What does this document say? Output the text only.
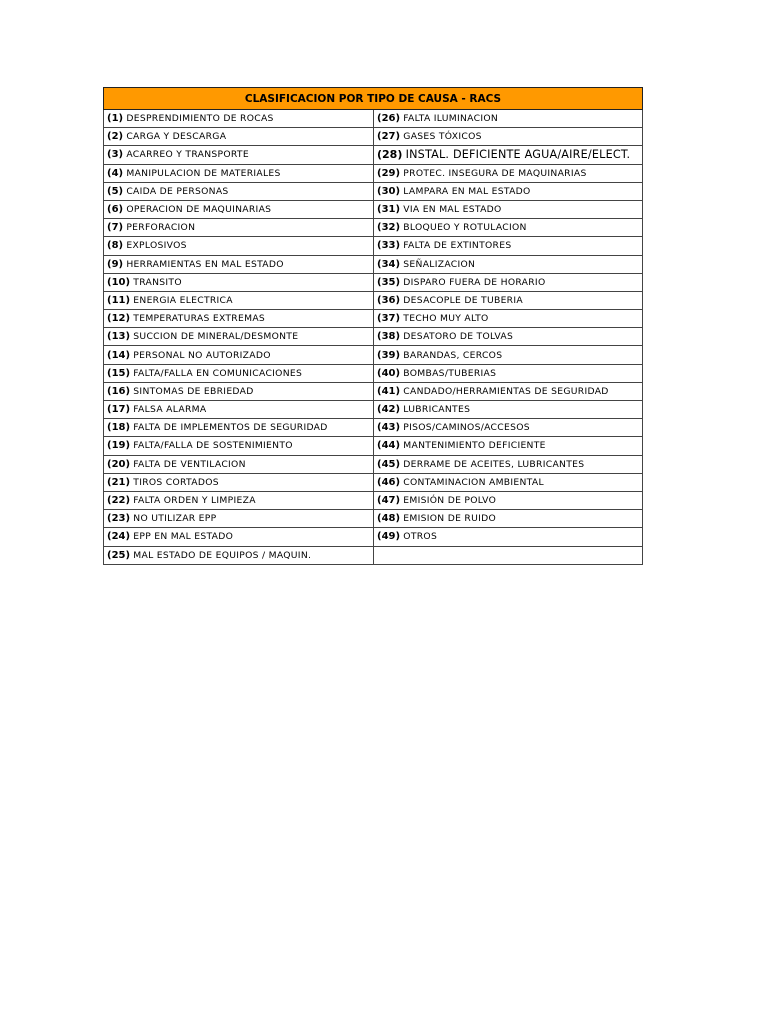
CLASIFICACION POR TIPO DE CAUSA - RACS	
(1) DESPRENDIMIENTO DE ROCAS	(26) FALTA ILUMINACION
(2) CARGA Y DESCARGA	(27) GASES TÓXICOS
(3) ACARREO Y TRANSPORTE	(28) INSTAL. DEFICIENTE AGUA/AIRE/ELECT.
(4) MANIPULACION DE MATERIALES	(29) PROTEC. INSEGURA DE MAQUINARIAS
(5) CAIDA DE PERSONAS	(30) LAMPARA EN MAL ESTADO
(6) OPERACION DE MAQUINARIAS	(31) VIA EN MAL ESTADO
(7) PERFORACION	(32) BLOQUEO Y ROTULACION
(8) EXPLOSIVOS	(33) FALTA DE EXTINTORES
(9) HERRAMIENTAS EN MAL ESTADO	(34) SEÑALIZACION
(10) TRANSITO	(35) DISPARO FUERA DE HORARIO
(11) ENERGIA ELECTRICA	(36) DESACOPLE DE TUBERIA
(12) TEMPERATURAS EXTREMAS	(37) TECHO MUY ALTO
(13) SUCCION DE MINERAL/DESMONTE	(38) DESATORO DE TOLVAS
(14) PERSONAL NO AUTORIZADO	(39) BARANDAS, CERCOS
(15) FALTA/FALLA EN COMUNICACIONES	(40) BOMBAS/TUBERIAS
(16) SINTOMAS DE EBRIEDAD	(41) CANDADO/HERRAMIENTAS DE SEGURIDAD
(17) FALSA ALARMA	(42) LUBRICANTES
(18) FALTA DE IMPLEMENTOS DE SEGURIDAD	(43) PISOS/CAMINOS/ACCESOS
(19) FALTA/FALLA DE SOSTENIMIENTO	(44) MANTENIMIENTO DEFICIENTE
(20) FALTA DE VENTILACION	(45) DERRAME DE ACEITES, LUBRICANTES
(21) TIROS CORTADOS	(46) CONTAMINACION AMBIENTAL
(22) FALTA ORDEN Y LIMPIEZA	(47) EMISIÓN DE POLVO
(23) NO UTILIZAR EPP	(48) EMISION DE RUIDO
(24) EPP EN MAL ESTADO	(49) OTROS
(25) MAL ESTADO DE EQUIPOS / MAQUIN.	
